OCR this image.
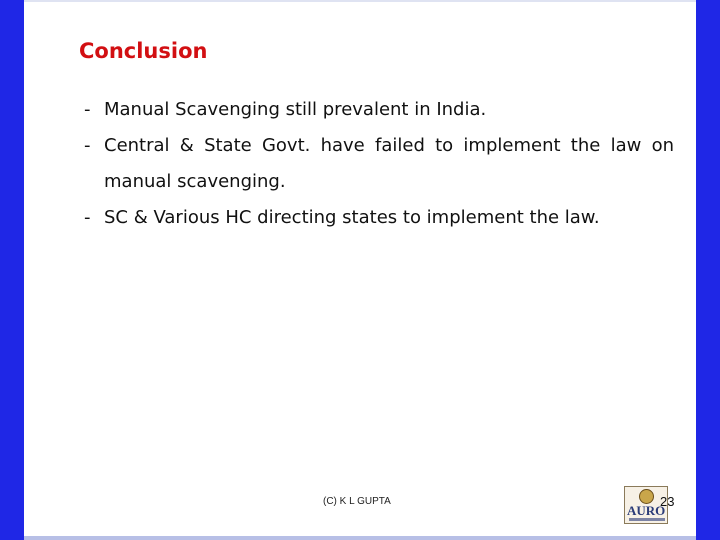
Conclusion
- Manual Scavenging still prevalent in India.
- Central & State Govt. have failed to implement the law on manual scavenging.
- SC & Various HC directing states to implement the law.
(C) K L GUPTA
AURO
23
